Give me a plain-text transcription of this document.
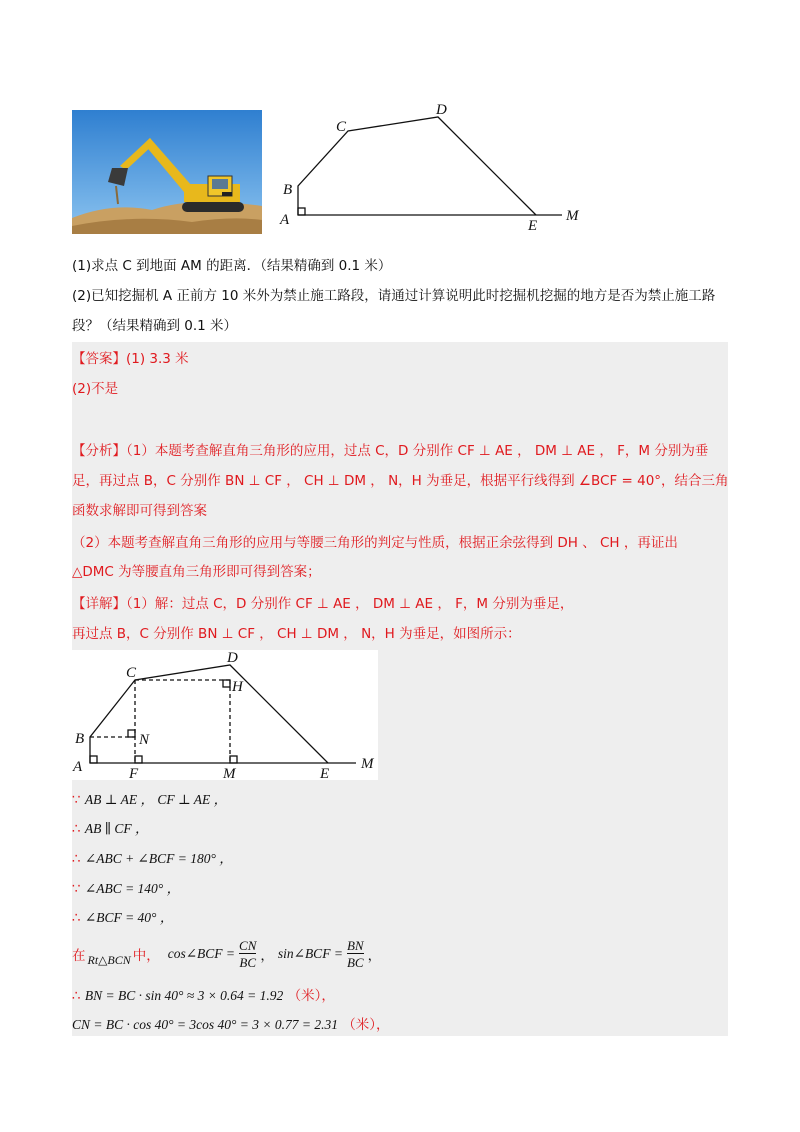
A
B
C
D
E
M
(1)求点 C 到地面 AM 的距离．（结果精确到 0.1 米）
(2)已知挖掘机 A 正前方 10 米外为禁止施工路段，请通过计算说明此时挖掘机挖掘的地方是否为禁止施工路
段？（结果精确到 0.1 米）
【答案】(1) 3.3 米
(2)不是
【分析】（1）本题考查解直角三角形的应用，过点 C，D 分别作 CF ⊥ AE ， DM ⊥ AE ， F，M 分别为垂
足，再过点 B，C 分别作 BN ⊥ CF ， CH ⊥ DM ， N，H 为垂足，根据平行线得到 ∠BCF = 40°，结合三角
函数求解即可得到答案
（2）本题考查解直角三角形的应用与等腰三角形的判定与性质，根据正余弦得到 DH 、 CH ，再证出
△DMC 为等腰直角三角形即可得到答案；
【详解】（1）解：过点 C，D 分别作 CF ⊥ AE ， DM ⊥ AE ， F，M 分别为垂足，
再过点 B，C 分别作 BN ⊥ CF ， CH ⊥ DM ， N，H 为垂足，如图所示：
A
B
C
D
E
F	M
M
N
H
∵ AB ⊥ AE ， CF ⊥ AE ，
∴ AB ∥ CF ，
∴ ∠ABC + ∠BCF = 180° ，
∵ ∠ABC = 140° ，
∴ ∠BCF = 40° ，
在 Rt△BCN 中， cos∠BCF = $\frac{CN}{BC}$ ， sin∠BCF = $\frac{BN}{BC}$ ，
∴ BN = BC · sin 40° ≈ 3 × 0.64 = 1.92 （米），
CN = BC · cos 40° = 3cos 40° = 3 × 0.77 = 2.31 （米），
